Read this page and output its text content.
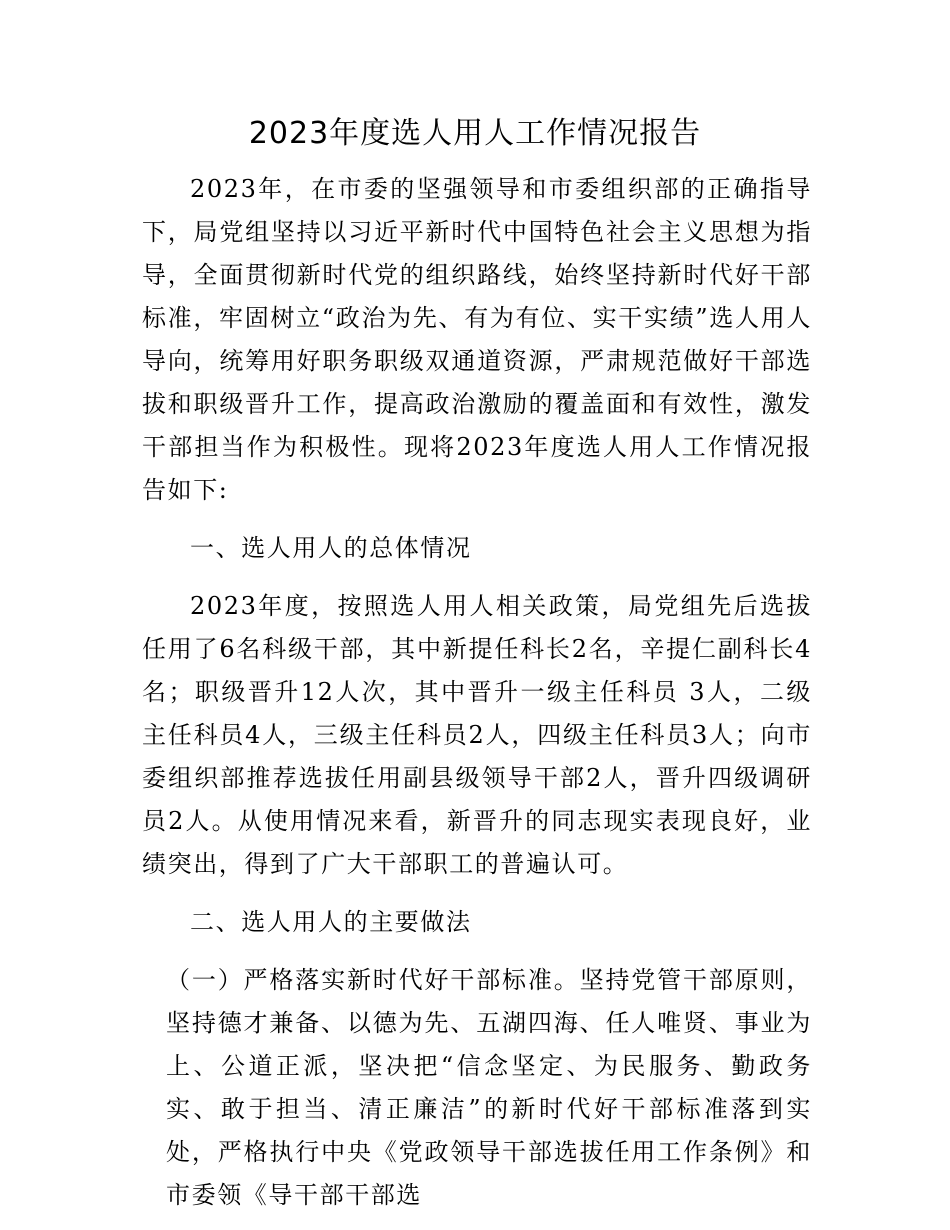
2023年度选人用人工作情况报告

2023年，在市委的坚强领导和市委组织部的正确指导下，局党组坚持以习近平新时代中国特色社会主义思想为指导，全面贯彻新时代党的组织路线，始终坚持新时代好干部标准，牢固树立“政治为先、有为有位、实干实绩”选人用人导向，统筹用好职务职级双通道资源，严肃规范做好干部选拔和职级晋升工作，提高政治激励的覆盖面和有效性，激发干部担当作为积极性。现将2023年度选人用人工作情况报告如下:

一、选人用人的总体情况

2023年度，按照选人用人相关政策，局党组先后选拔任用了6名科级干部，其中新提任科长2名，辛提仁副科长4名；职级晋升12人次，其中晋升一级主任科员 3人，二级主任科员4人，三级主任科员2人，四级主任科员3人；向市委组织部推荐选拔任用副县级领导干部2人，晋升四级调研员2人。从使用情况来看，新晋升的同志现实表现良好，业绩突出，得到了广大干部职工的普遍认可。

二、选人用人的主要做法

（一）严格落实新时代好干部标准。坚持党管干部原则，坚持德才兼备、以德为先、五湖四海、任人唯贤、事业为上、公道正派，坚决把“信念坚定、为民服务、勤政务实、敢于担当、清正廉洁”的新时代好干部标准落到实处，严格执行中央《党政领导干部选拔任用工作条例》和市委领《导干部干部选
